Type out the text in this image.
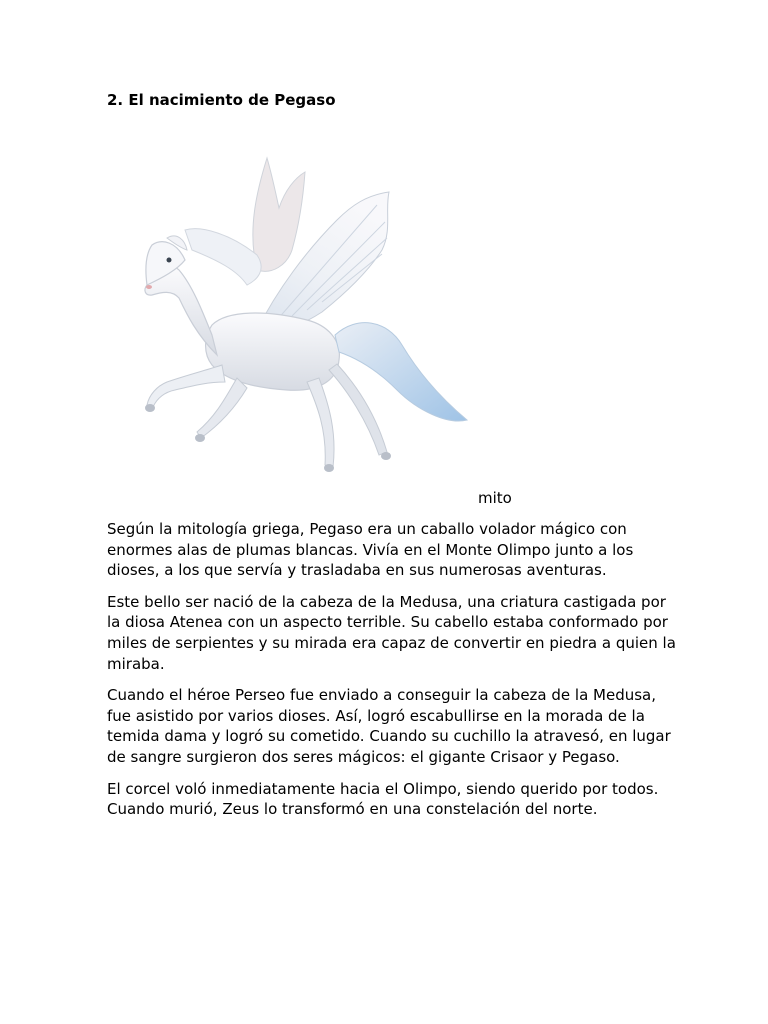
2. El nacimiento de Pegaso
mito

Según la mitología griega, Pegaso era un caballo volador mágico con enormes alas de plumas blancas. Vivía en el Monte Olimpo junto a los dioses, a los que servía y trasladaba en sus numerosas aventuras.

Este bello ser nació de la cabeza de la Medusa, una criatura castigada por la diosa Atenea con un aspecto terrible. Su cabello estaba conformado por miles de serpientes y su mirada era capaz de convertir en piedra a quien la miraba.

Cuando el héroe Perseo fue enviado a conseguir la cabeza de la Medusa, fue asistido por varios dioses. Así, logró escabullirse en la morada de la temida dama y logró su cometido. Cuando su cuchillo la atravesó, en lugar de sangre surgieron dos seres mágicos: el gigante Crisaor y Pegaso.

El corcel voló inmediatamente hacia el Olimpo, siendo querido por todos. Cuando murió, Zeus lo transformó en una constelación del norte.
